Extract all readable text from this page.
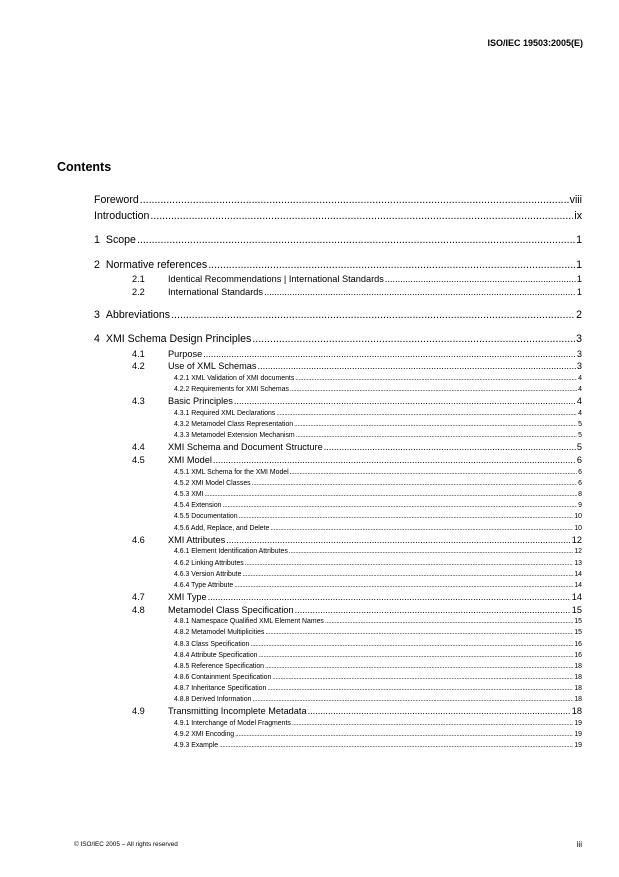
ISO/IEC 19503:2005(E)
Contents
Foreword .....	viii
Introduction .....	ix
1 Scope .....	1
2 Normative references .....	1
2.1	Identical Recommendations | International Standards .....	1
2.2	International Standards .....	1
3 Abbreviations .....	2
4 XMI Schema Design Principles .....	3
4.1	Purpose .....	3
4.2	Use of XML Schemas .....	3
4.2.1 XML Validation of XMI documents .....	4
4.2.2 Requirements for XMI Schemas .....	4
4.3	Basic Principles .....	4
4.3.1 Required XML Declarations .....	4
4.3.2 Metamodel Class Representation .....	5
4.3.3 Metamodel Extension Mechanism .....	5
4.4	XMI Schema and Document Structure .....	5
4.5	XMI Model .....	6
4.5.1 XML Schema for the XMI Model .....	6
4.5.2 XMI Model Classes .....	6
4.5.3 XMI .....	8
4.5.4 Extension .....	9
4.5.5 Documentation .....	10
4.5.6 Add, Replace, and Delete .....	10
4.6	XMI Attributes .....	12
4.6.1 Element Identification Attributes .....	12
4.6.2 Linking Attributes .....	13
4.6.3 Version Attribute .....	14
4.6.4 Type Attribute .....	14
4.7	XMI Type .....	14
4.8	Metamodel Class Specification .....	15
4.8.1 Namespace Qualified XML Element Names .....	15
4.8.2 Metamodel Multiplicities .....	15
4.8.3 Class Specification .....	16
4.8.4 Attribute Specification .....	16
4.8.5 Reference Specification .....	18
4.8.6 Containment Specification .....	18
4.8.7 Inheritance Specification .....	18
4.8.8 Derived Information .....	18
4.9	Transmitting Incomplete Metadata .....	18
4.9.1 Interchange of Model Fragments .....	19
4.9.2 XMI Encoding .....	19
4.9.3 Example .....	19
© ISO/IEC 2005 – All rights reserved	iii
